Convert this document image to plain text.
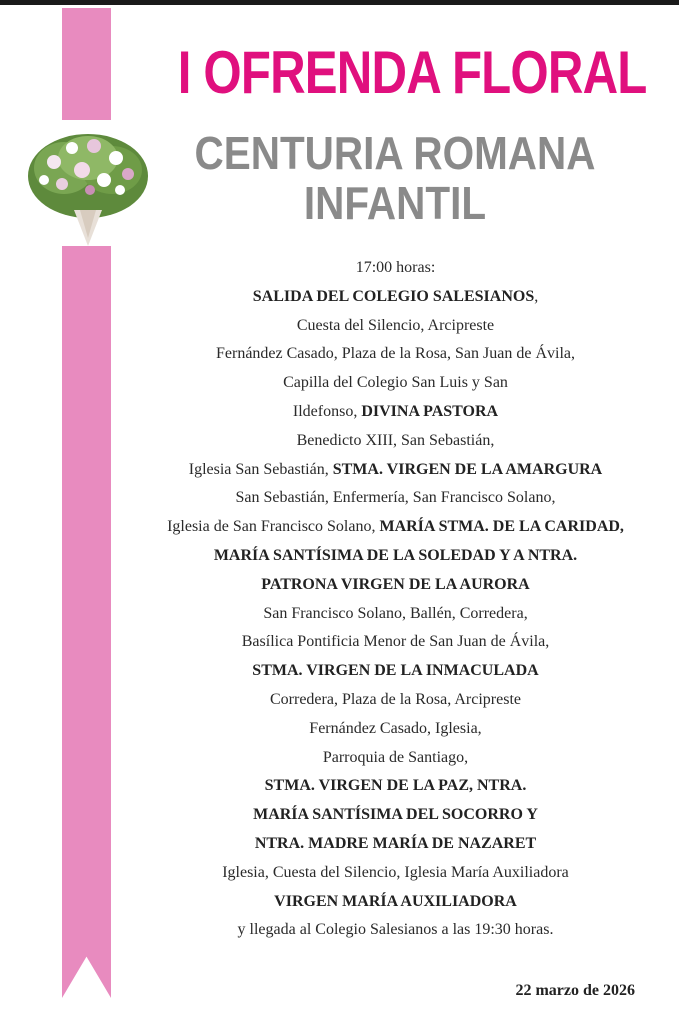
I OFRENDA FLORAL
CENTURIA ROMANA
INFANTIL
17:00 horas:
SALIDA DEL COLEGIO SALESIANOS,
Cuesta del Silencio, Arcipreste
Fernández Casado, Plaza de la Rosa, San Juan de Ávila,
Capilla del Colegio San Luis y San
Ildefonso, DIVINA PASTORA
Benedicto XIII, San Sebastián,
Iglesia San Sebastián, STMA. VIRGEN DE LA AMARGURA
San Sebastián, Enfermería, San Francisco Solano,
Iglesia de San Francisco Solano, MARÍA STMA. DE LA CARIDAD,
MARÍA SANTÍSIMA DE LA SOLEDAD Y A NTRA.
PATRONA VIRGEN DE LA AURORA
San Francisco Solano, Ballén, Corredera,
Basílica Pontificia Menor de San Juan de Ávila,
STMA. VIRGEN DE LA INMACULADA
Corredera, Plaza de la Rosa, Arcipreste
Fernández Casado, Iglesia,
Parroquia de Santiago,
STMA. VIRGEN DE LA PAZ, NTRA.
MARÍA SANTÍSIMA DEL SOCORRO Y
NTRA. MADRE MARÍA DE NAZARET
Iglesia, Cuesta del Silencio, Iglesia María Auxiliadora
VIRGEN MARÍA AUXILIADORA
y llegada al Colegio Salesianos a las 19:30 horas.
22 marzo de 2026
